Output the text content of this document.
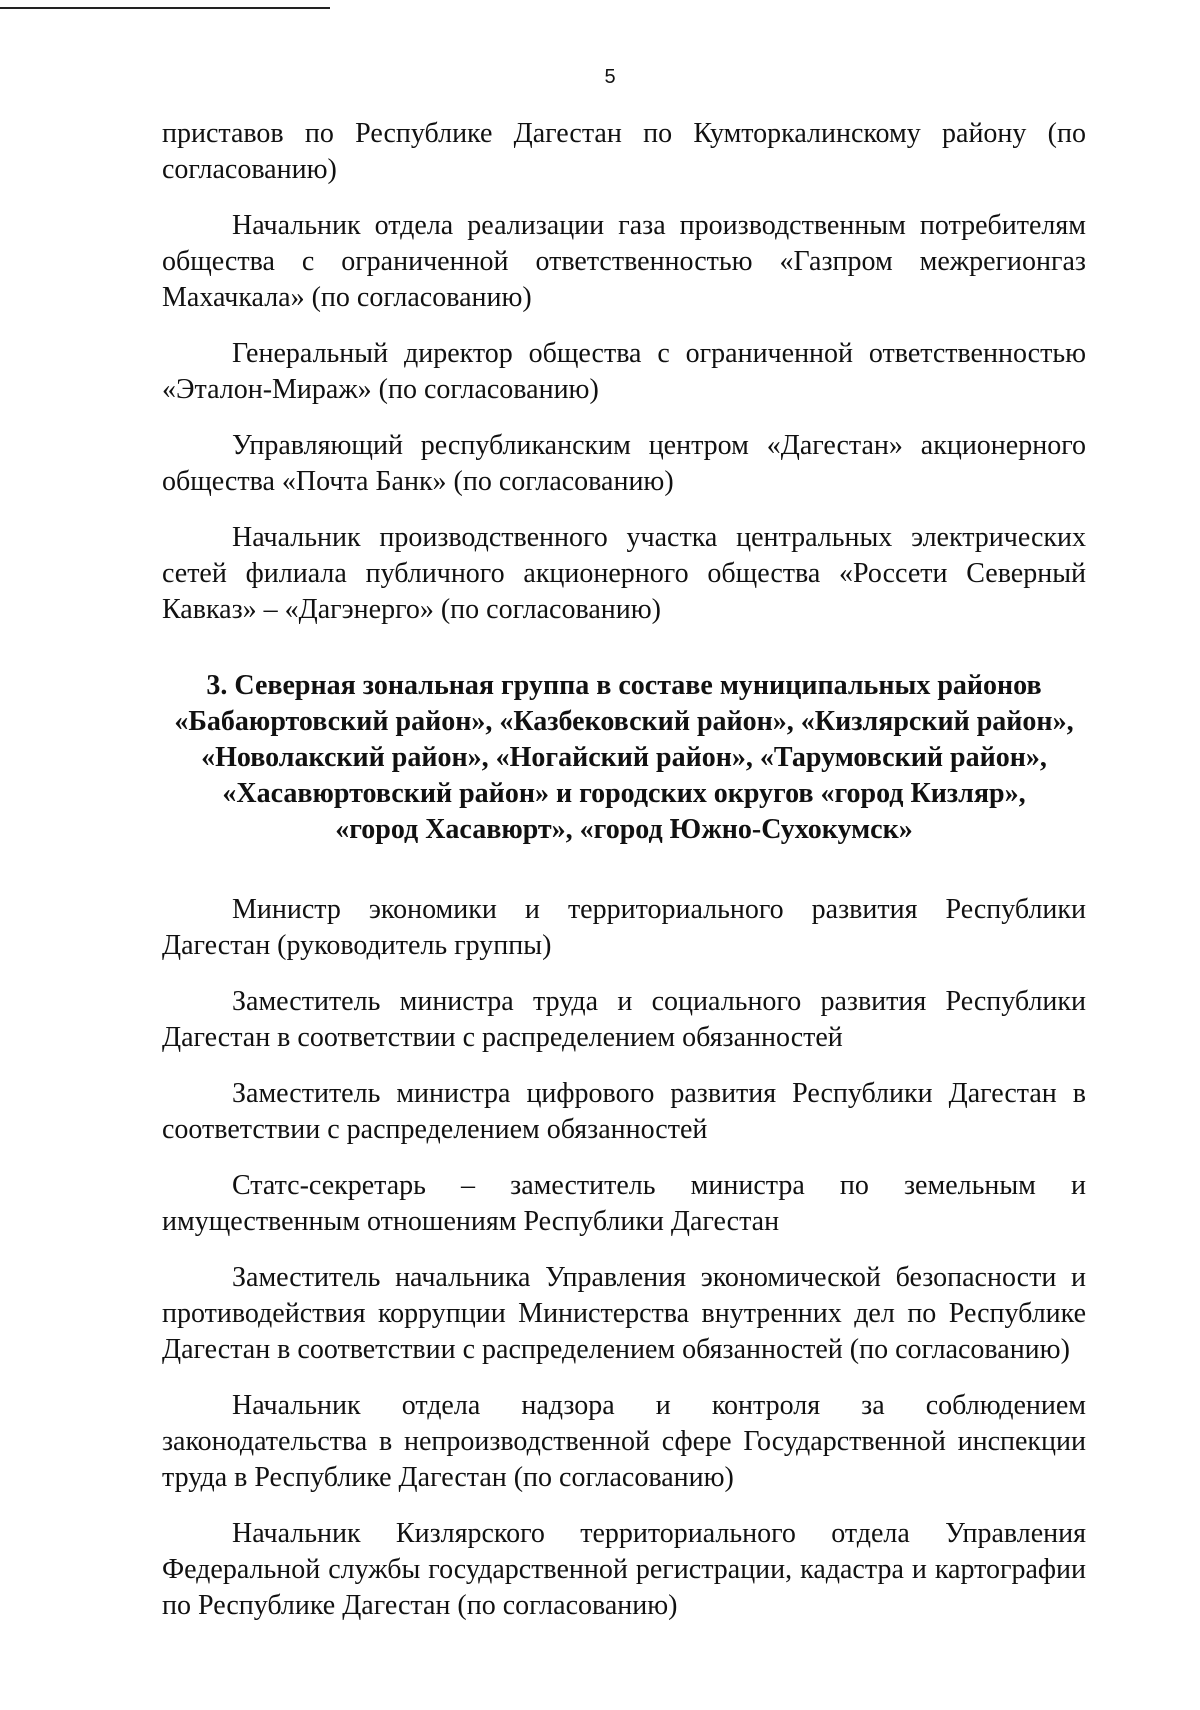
5

приставов по Республике Дагестан по Кумторкалинскому району (по согласованию)

Начальник отдела реализации газа производственным потребителям общества с ограниченной ответственностью «Газпром межрегионгаз Махачкала» (по согласованию)

Генеральный директор общества с ограниченной ответственностью «Эталон-Мираж» (по согласованию)

Управляющий республиканским центром «Дагестан» акционерного общества «Почта Банк» (по согласованию)

Начальник производственного участка центральных электрических сетей филиала публичного акционерного общества «Россети Северный Кавказ» – «Дагэнерго» (по согласованию)

3. Северная зональная группа в составе муниципальных районов
«Бабаюртовский район», «Казбековский район», «Кизлярский район»,
«Новолакский район», «Ногайский район», «Тарумовский район»,
«Хасавюртовский район» и городских округов «город Кизляр»,
«город Хасавюрт», «город Южно-Сухокумск»

Министр экономики и территориального развития Республики Дагестан (руководитель группы)

Заместитель министра труда и социального развития Республики Дагестан в соответствии с распределением обязанностей

Заместитель министра цифрового развития Республики Дагестан в соответствии с распределением обязанностей

Статс-секретарь – заместитель министра по земельным и имущественным отношениям Республики Дагестан

Заместитель начальника Управления экономической безопасности и противодействия коррупции Министерства внутренних дел по Республике Дагестан в соответствии с распределением обязанностей (по согласованию)

Начальник отдела надзора и контроля за соблюдением законодательства в непроизводственной сфере Государственной инспекции труда в Республике Дагестан (по согласованию)

Начальник Кизлярского территориального отдела Управления Федеральной службы государственной регистрации, кадастра и картографии по Республике Дагестан (по согласованию)
